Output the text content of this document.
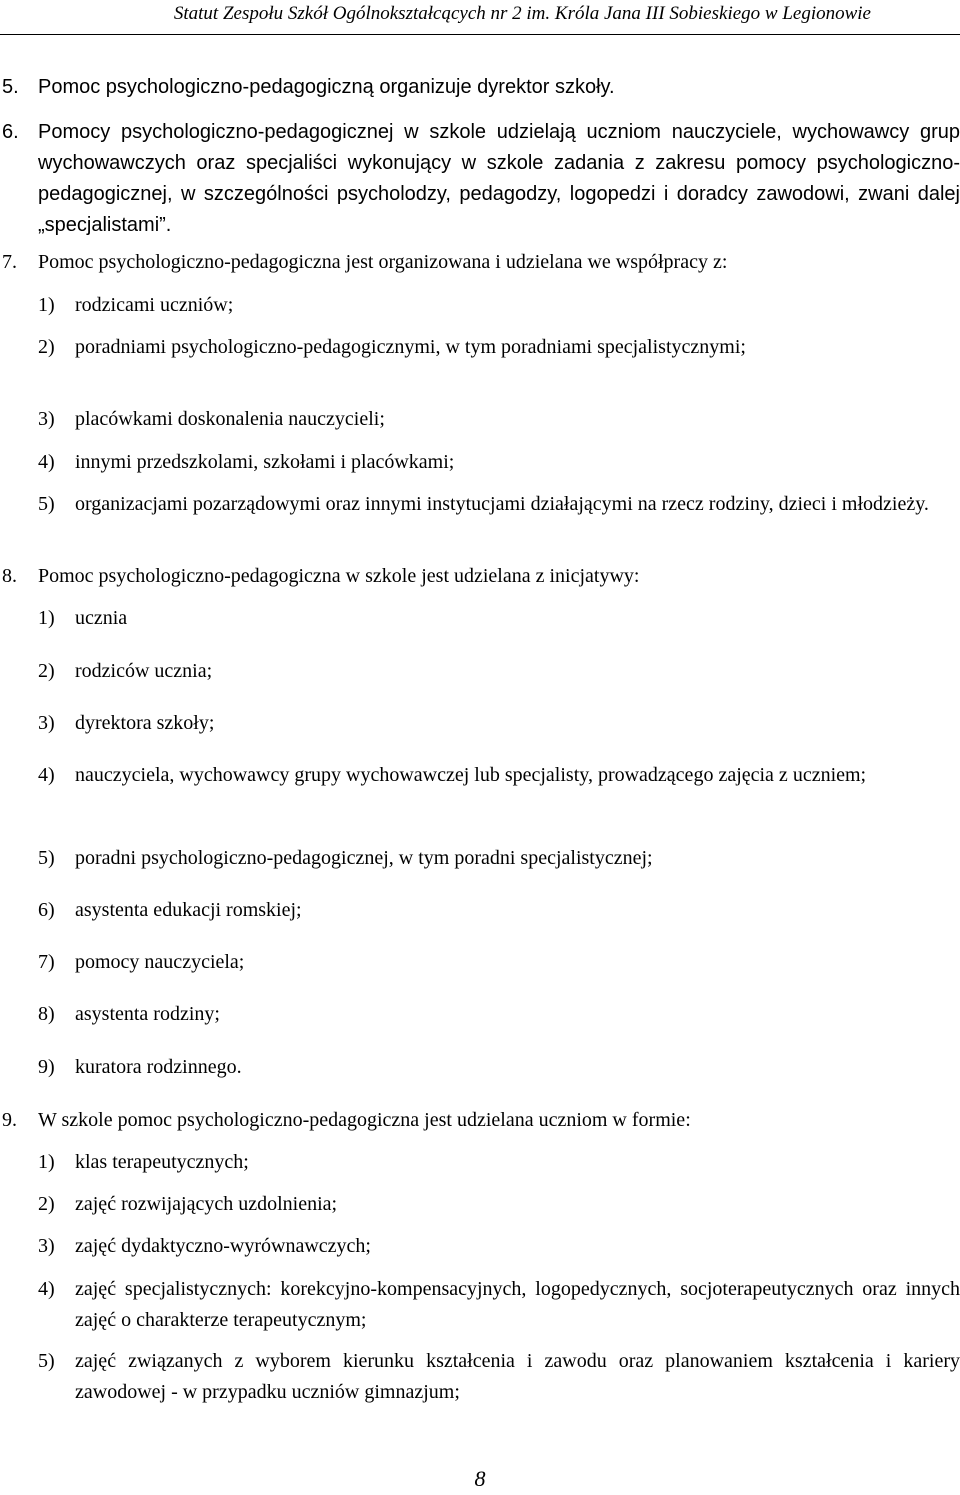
Statut Zespołu Szkół Ogólnokształcących nr 2 im. Króla Jana III Sobieskiego w Legionowie
5. Pomoc psychologiczno-pedagogiczną organizuje dyrektor szkoły.
6. Pomocy psychologiczno-pedagogicznej w szkole udzielają uczniom nauczyciele, wychowawcy grup wychowawczych oraz specjaliści wykonujący w szkole zadania z zakresu pomocy psychologiczno-pedagogicznej, w szczególności psycholodzy, pedagodzy, logopedzi i doradcy zawodowi, zwani dalej „specjalistami”.
7. Pomoc psychologiczno-pedagogiczna jest organizowana i udzielana we współpracy z:
1) rodzicami uczniów;
2) poradniami psychologiczno-pedagogicznymi, w tym poradniami specjalistycznymi;
3) placówkami doskonalenia nauczycieli;
4) innymi przedszkolami, szkołami i placówkami;
5) organizacjami pozarządowymi oraz innymi instytucjami działającymi na rzecz rodziny, dzieci i młodzieży.
8. Pomoc psychologiczno-pedagogiczna w szkole jest udzielana z inicjatywy:
1) ucznia
2) rodziców ucznia;
3) dyrektora szkoły;
4) nauczyciela, wychowawcy grupy wychowawczej lub specjalisty, prowadzącego zajęcia z uczniem;
5) poradni psychologiczno-pedagogicznej, w tym poradni specjalistycznej;
6) asystenta edukacji romskiej;
7) pomocy nauczyciela;
8) asystenta rodziny;
9) kuratora rodzinnego.
9. W szkole pomoc psychologiczno-pedagogiczna jest udzielana uczniom w formie:
1) klas terapeutycznych;
2) zajęć rozwijających uzdolnienia;
3) zajęć dydaktyczno-wyrównawczych;
4) zajęć specjalistycznych: korekcyjno-kompensacyjnych, logopedycznych, socjoterapeutycznych oraz innych zajęć o charakterze terapeutycznym;
5) zajęć związanych z wyborem kierunku kształcenia i zawodu oraz planowaniem kształcenia i kariery zawodowej - w przypadku uczniów gimnazjum;
8
